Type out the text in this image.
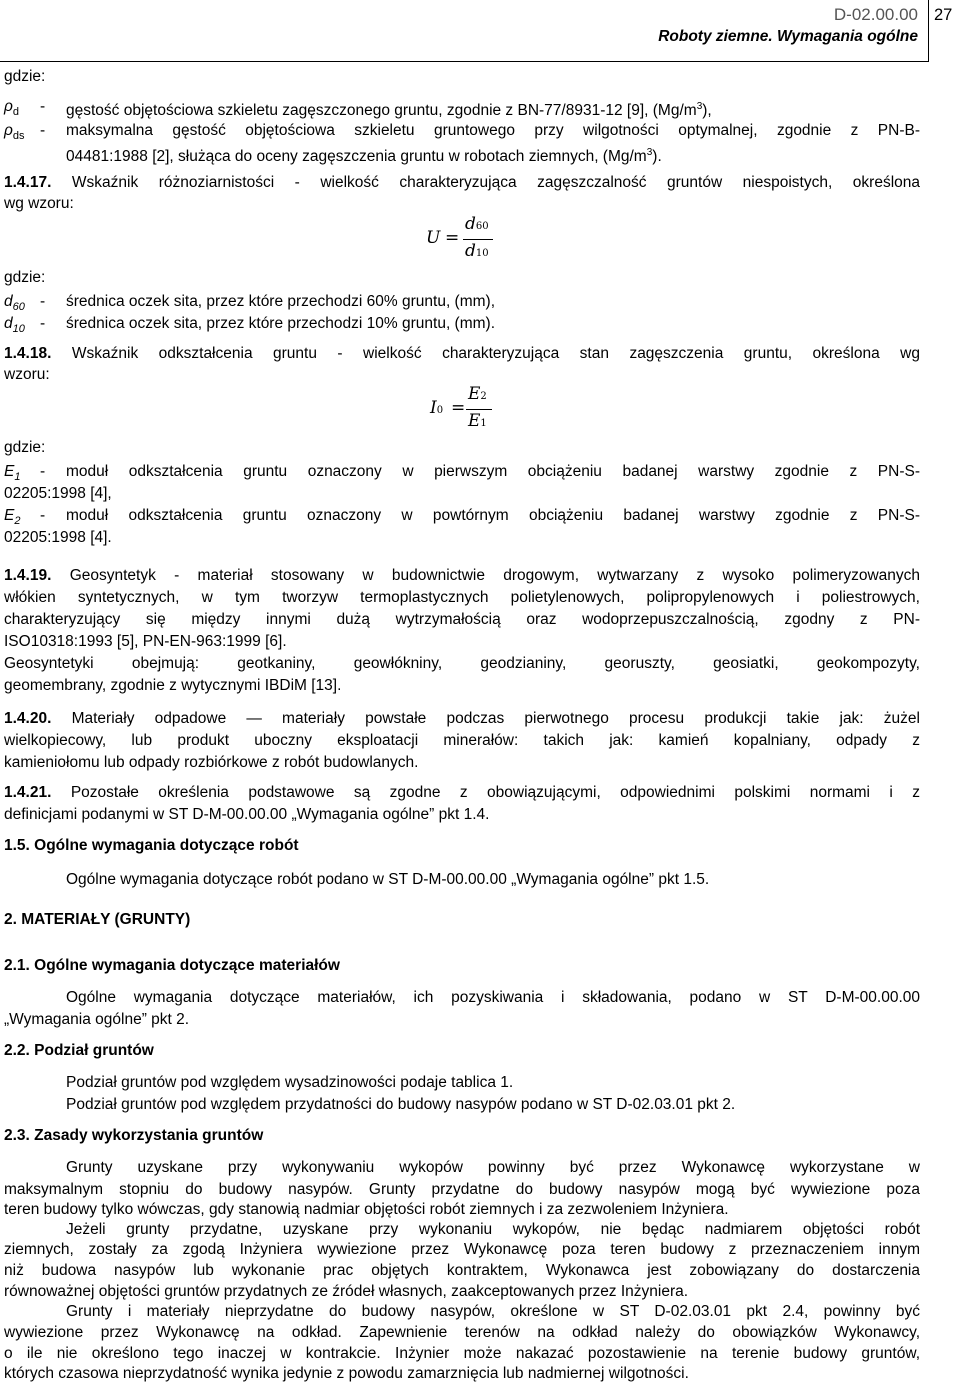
D-02.00.00
Roboty ziemne. Wymagania ogólne
27
gdzie:
$\rho_d$ - gęstość objętościowa szkieletu zagęszczonego gruntu, zgodnie z BN-77/8931-12 [9], $(Mg/m^3)$,
$\rho_{ds}$ - maksymalna gęstość objętościowa szkieletu gruntowego przy wilgotności optymalnej, zgodnie z PN-B-
04481:1988 [2], służąca do oceny zagęszczenia gruntu w robotach ziemnych, $(Mg/m^3)$.
1.4.17. Wskaźnik różnoziarnistości - wielkość charakteryzująca zagęszczalność gruntów niespoistych, określona
wg wzoru:
U =
d60
d10
gdzie:
$d_{60}$ - średnica oczek sita, przez które przechodzi 60% gruntu, (mm),
$d_{10}$ - średnica oczek sita, przez które przechodzi 10% gruntu, (mm).
1.4.18. Wskaźnik odkształcenia gruntu - wielkość charakteryzująca stan zagęszczenia gruntu, określona wg
wzoru:
I0 =
E2
E1
gdzie:
$E_1$ - moduł odkształcenia gruntu oznaczony w pierwszym obciążeniu badanej warstwy zgodnie z PN-S-
02205:1998 [4],
$E_2$ - moduł odkształcenia gruntu oznaczony w powtórnym obciążeniu badanej warstwy zgodnie z PN-S-
02205:1998 [4].
1.4.19. Geosyntetyk - materiał stosowany w budownictwie drogowym, wytwarzany z wysoko polimeryzowanych
włókien syntetycznych, w tym tworzyw termoplastycznych polietylenowych, polipropylenowych i poliestrowych,
charakteryzujący się między innymi dużą wytrzymałością oraz wodoprzepuszczalnością, zgodny z PN-
ISO10318:1993 [5], PN-EN-963:1999 [6].
Geosyntetyki obejmują: geotkaniny, geowłókniny, geodzianiny, georuszty, geosiatki, geokompozyty,
geomembrany, zgodnie z wytycznymi IBDiM [13].
1.4.20. Materiały odpadowe — materiały powstałe podczas pierwotnego procesu produkcji takie jak: żużel
wielkopiecowy, lub produkt uboczny eksploatacji minerałów: takich jak: kamień kopalniany, odpady z
kamieniołomu lub odpady rozbiórkowe z robót budowlanych.
1.4.21. Pozostałe określenia podstawowe są zgodne z obowiązującymi, odpowiednimi polskimi normami i z
definicjami podanymi w ST D-M-00.00.00 „Wymagania ogólne” pkt 1.4.
1.5. Ogólne wymagania dotyczące robót
Ogólne wymagania dotyczące robót podano w ST D-M-00.00.00 „Wymagania ogólne” pkt 1.5.
2. MATERIAŁY (GRUNTY)
2.1. Ogólne wymagania dotyczące materiałów
Ogólne wymagania dotyczące materiałów, ich pozyskiwania i składowania, podano w ST D-M-00.00.00
„Wymagania ogólne” pkt 2.
2.2. Podział gruntów
Podział gruntów pod względem wysadzinowości podaje tablica 1.
Podział gruntów pod względem przydatności do budowy nasypów podano w ST D-02.03.01 pkt 2.
2.3. Zasady wykorzystania gruntów
Grunty uzyskane przy wykonywaniu wykopów powinny być przez Wykonawcę wykorzystane w
maksymalnym stopniu do budowy nasypów. Grunty przydatne do budowy nasypów mogą być wywiezione poza
teren budowy tylko wówczas, gdy stanowią nadmiar objętości robót ziemnych i za zezwoleniem Inżyniera.
Jeżeli grunty przydatne, uzyskane przy wykonaniu wykopów, nie będąc nadmiarem objętości robót
ziemnych, zostały za zgodą Inżyniera wywiezione przez Wykonawcę poza teren budowy z przeznaczeniem innym
niż budowa nasypów lub wykonanie prac objętych kontraktem, Wykonawca jest zobowiązany do dostarczenia
równoważnej objętości gruntów przydatnych ze źródeł własnych, zaakceptowanych przez Inżyniera.
Grunty i materiały nieprzydatne do budowy nasypów, określone w ST D-02.03.01 pkt 2.4, powinny być
wywiezione przez Wykonawcę na odkład. Zapewnienie terenów na odkład należy do obowiązków Wykonawcy,
o ile nie określono tego inaczej w kontrakcie. Inżynier może nakazać pozostawienie na terenie budowy gruntów,
których czasowa nieprzydatność wynika jedynie z powodu zamarznięcia lub nadmiernej wilgotności.
